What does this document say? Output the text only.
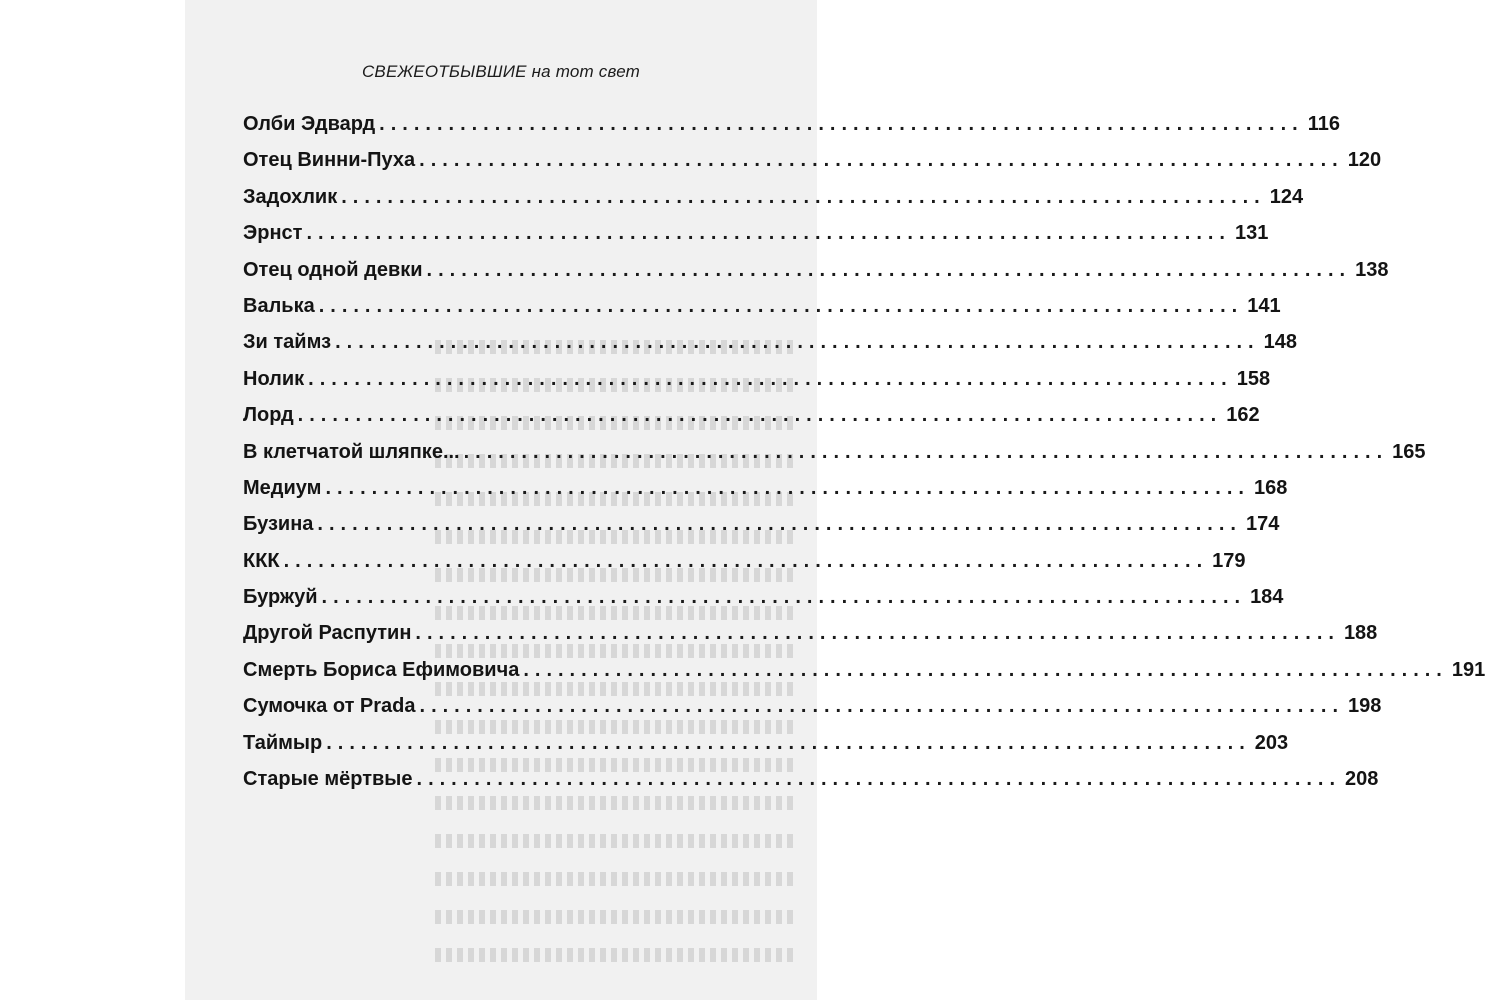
СВЕЖЕОТБЫВШИЕ на тот свет
Олби Эдвард ................................................................................ 116
Отец Винни-Пуха ................................................................................ 120
Задохлик ................................................................................ 124
Эрнст ................................................................................ 131
Отец одной девки ................................................................................ 138
Валька ................................................................................ 141
Зи таймз ................................................................................ 148
Нолик ................................................................................ 158
Лорд ................................................................................ 162
В клетчатой шляпке... ................................................................................ 165
Медиум ................................................................................ 168
Бузина ................................................................................ 174
ККК ................................................................................ 179
Буржуй ................................................................................ 184
Другой Распутин ................................................................................ 188
Смерть Бориса Ефимовича ................................................................................ 191
Сумочка от Prada ................................................................................ 198
Таймыр ................................................................................ 203
Старые мёртвые ................................................................................ 208
